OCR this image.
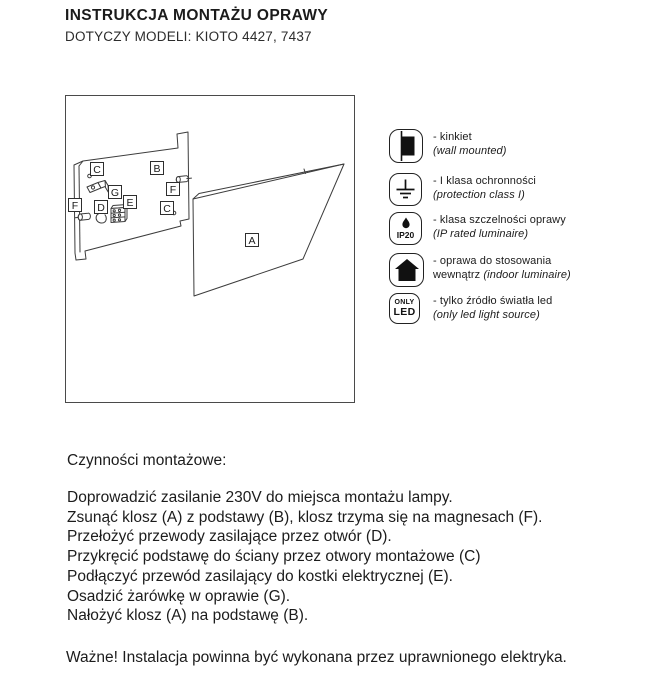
INSTRUKCJA MONTAŻU OPRAWY
DOTYCZY MODELI: KIOTO 4427, 7437
C	B
G
E
D
F
F
C
A
- kinkiet
(wall mounted)
- I klasa ochronności
(protection class I)
IP20
- klasa szczelności oprawy
(IP rated luminaire)
- oprawa do stosowania
wewnątrz (indoor luminaire)
ONLY
LED
- tylko źródło światła led
(only led light source)
Czynności montażowe:
Doprowadzić zasilanie 230V do miejsca montażu lampy.
Zsunąć klosz (A) z podstawy (B), klosz trzyma się na magnesach (F).
Przełożyć przewody zasilające przez otwór (D).
Przykręcić podstawę do ściany przez otwory montażowe (C)
Podłączyć przewód zasilający do kostki elektrycznej (E).
Osadzić żarówkę w oprawie (G).
Nałożyć klosz (A) na podstawę (B).
Ważne! Instalacja powinna być wykonana przez uprawnionego elektryka.
